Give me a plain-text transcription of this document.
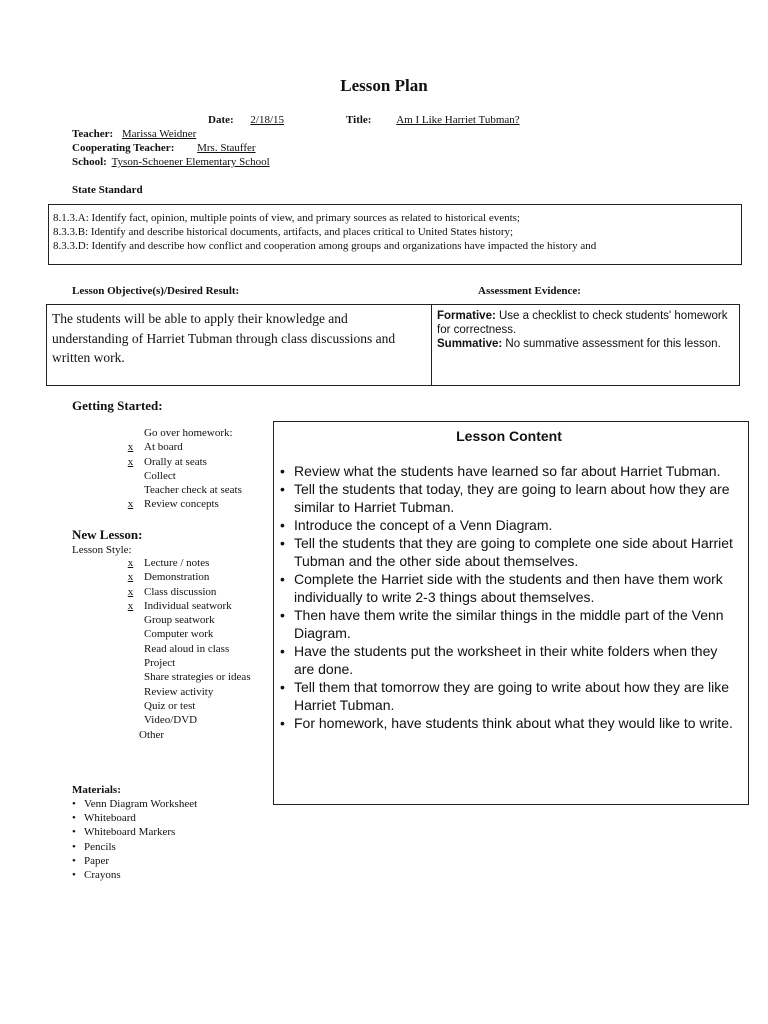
Lesson Plan
Date: 2/18/15	Title: Am I Like Harriet Tubman?
Teacher: Marissa Weidner
Cooperating Teacher: Mrs. Stauffer
School: Tyson-Schoener Elementary School
State Standard
8.1.3.A: Identify fact, opinion, multiple points of view, and primary sources as related to historical events;
8.3.3.B: Identify and describe historical documents, artifacts, and places critical to United States history;
8.3.3.D: Identify and describe how conflict and cooperation among groups and organizations have impacted the history and
Lesson Objective(s)/Desired Result:	Assessment Evidence:
The students will be able to apply their knowledge and understanding of Harriet Tubman through class discussions and written work.
Formative: Use a checklist to check students' homework for correctness.
Summative: No summative assessment for this lesson.
Getting Started:
Go over homework:
x At board
x Orally at seats
Collect
Teacher check at seats
x Review concepts
New Lesson:
Lesson Style:
x Lecture / notes
x Demonstration
x Class discussion
x Individual seatwork
Group seatwork
Computer work
Read aloud in class
Project
Share strategies or ideas
Review activity
Quiz or test
Video/DVD
Other
Lesson Content
• Review what the students have learned so far about Harriet Tubman.
• Tell the students that today, they are going to learn about how they are similar to Harriet Tubman.
• Introduce the concept of a Venn Diagram.
• Tell the students that they are going to complete one side about Harriet Tubman and the other side about themselves.
• Complete the Harriet side with the students and then have them work individually to write 2-3 things about themselves.
• Then have them write the similar things in the middle part of the Venn Diagram.
• Have the students put the worksheet in their white folders when they are done.
• Tell them that tomorrow they are going to write about how they are like Harriet Tubman.
• For homework, have students think about what they would like to write.
Materials:
• Venn Diagram Worksheet
• Whiteboard
• Whiteboard Markers
• Pencils
• Paper
• Crayons
